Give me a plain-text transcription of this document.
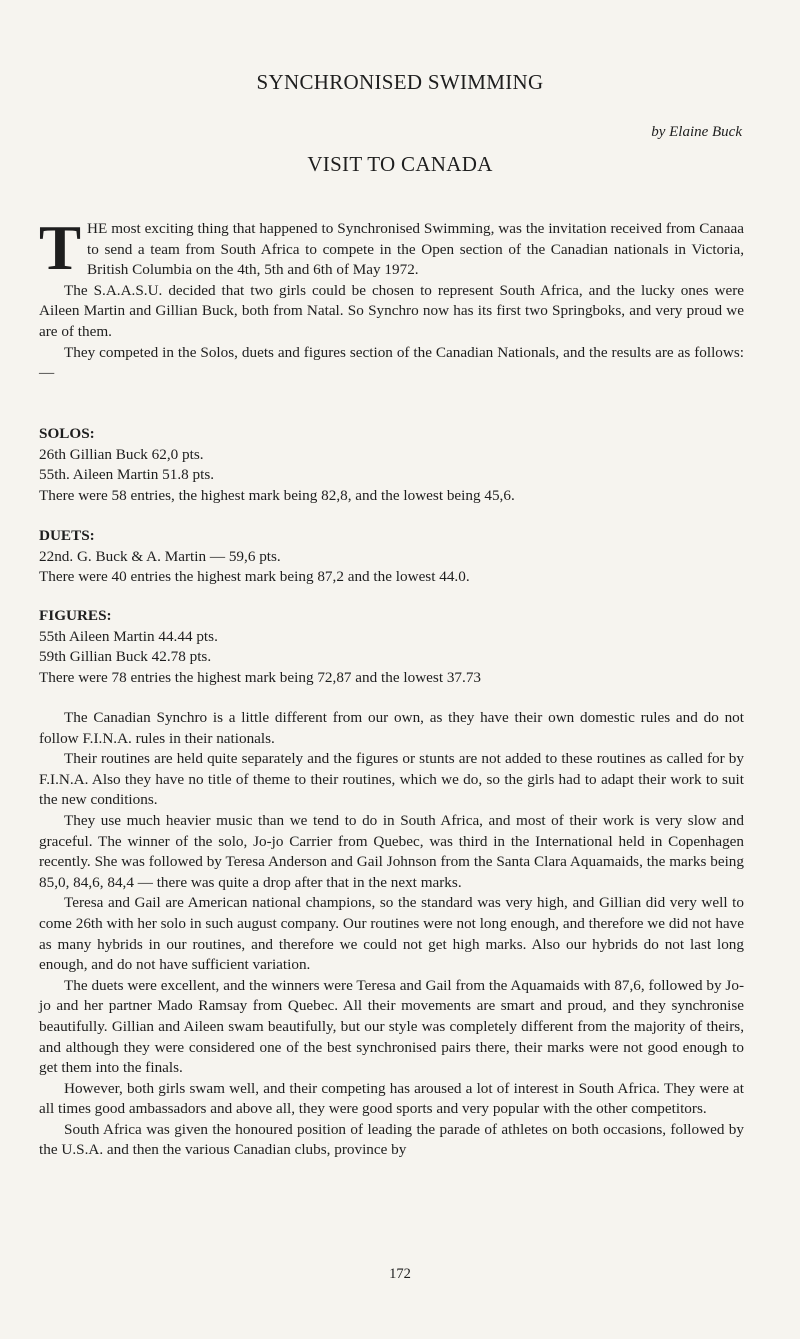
SYNCHRONISED SWIMMING
by Elaine Buck
VISIT TO CANADA
T HE most exciting thing that happened to Synchronised Swimming, was the invitation received from Canaaa to send a team from South Africa to compete in the Open section of the Canadian nationals in Victoria, British Columbia on the 4th, 5th and 6th of May 1972.

The S.A.A.S.U. decided that two girls could be chosen to represent South Africa, and the lucky ones were Aileen Martin and Gillian Buck, both from Natal. So Synchro now has its first two Springboks, and very proud we are of them.

They competed in the Solos, duets and figures section of the Canadian Nationals, and the results are as follows:—

SOLOS:
26th Gillian Buck 62,0 pts.
55th. Aileen Martin 51.8 pts.
There were 58 entries, the highest mark being 82,8, and the lowest being 45,6.
DUETS:
22nd. G. Buck & A. Martin — 59,6 pts.
There were 40 entries the highest mark being 87,2 and the lowest 44.0.
FIGURES:
55th Aileen Martin 44.44 pts.
59th Gillian Buck 42.78 pts.
There were 78 entries the highest mark being 72,87 and the lowest 37.73

The Canadian Synchro is a little different from our own, as they have their own domestic rules and do not follow F.I.N.A. rules in their nationals.

Their routines are held quite separately and the figures or stunts are not added to these routines as called for by F.I.N.A. Also they have no title of theme to their routines, which we do, so the girls had to adapt their work to suit the new conditions.

They use much heavier music than we tend to do in South Africa, and most of their work is very slow and graceful. The winner of the solo, Jo-jo Carrier from Quebec, was third in the International held in Copenhagen recently. She was followed by Teresa Anderson and Gail Johnson from the Santa Clara Aquamaids, the marks being 85,0, 84,6, 84,4 — there was quite a drop after that in the next marks.

Teresa and Gail are American national champions, so the standard was very high, and Gillian did very well to come 26th with her solo in such august company. Our routines were not long enough, and therefore we did not have as many hybrids in our routines, and therefore we could not get high marks. Also our hybrids do not last long enough, and do not have sufficient variation.

The duets were excellent, and the winners were Teresa and Gail from the Aquamaids with 87,6, followed by Jo-jo and her partner Mado Ramsay from Quebec. All their movements are smart and proud, and they synchronise beautifully. Gillian and Aileen swam beautifully, but our style was completely different from the majority of theirs, and although they were considered one of the best synchronised pairs there, their marks were not good enough to get them into the finals.

However, both girls swam well, and their competing has aroused a lot of interest in South Africa. They were at all times good ambassadors and above all, they were good sports and very popular with the other competitors.

South Africa was given the honoured position of leading the parade of athletes on both occasions, followed by the U.S.A. and then the various Canadian clubs, province by

172
